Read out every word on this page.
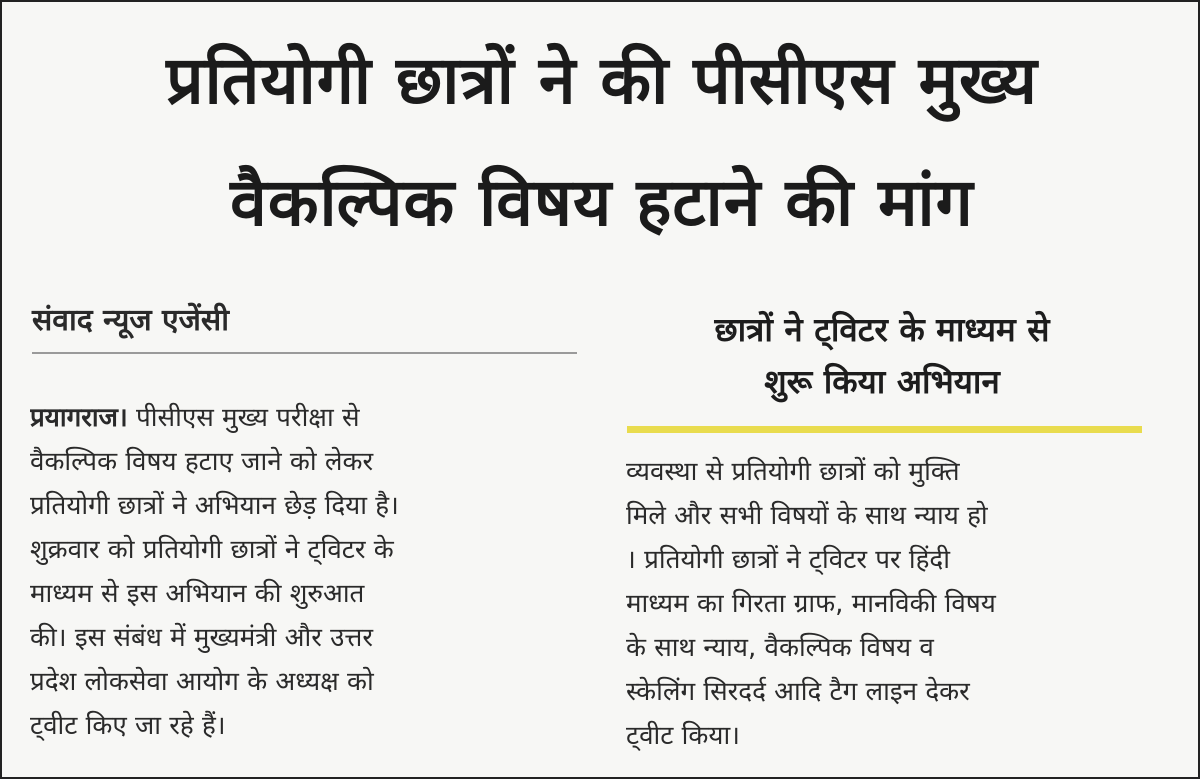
प्रतियोगी छात्रों ने की पीसीएस मुख्य
वैकल्पिक विषय हटाने की मांग
संवाद न्यूज एजेंसी	छात्रों ने ट्विटर के माध्यम से
शुरू किया अभियान
प्रयागराज। पीसीएस मुख्य परीक्षा से
वैकल्पिक विषय हटाए जाने को लेकर
प्रतियोगी छात्रों ने अभियान छेड़ दिया है।
शुक्रवार को प्रतियोगी छात्रों ने ट्विटर के
माध्यम से इस अभियान की शुरुआत
की। इस संबंध में मुख्यमंत्री और उत्तर
प्रदेश लोकसेवा आयोग के अध्यक्ष को
ट्वीट किए जा रहे हैं।
व्यवस्था से प्रतियोगी छात्रों को मुक्ति
मिले और सभी विषयों के साथ न्याय हो
। प्रतियोगी छात्रों ने ट्विटर पर हिंदी
माध्यम का गिरता ग्राफ, मानविकी विषय
के साथ न्याय, वैकल्पिक विषय व
स्केलिंग सिरदर्द आदि टैग लाइन देकर
ट्वीट किया।
